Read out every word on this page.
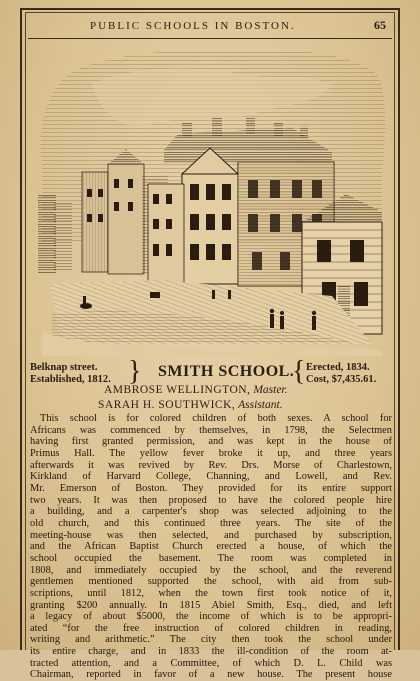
PUBLIC SCHOOLS IN BOSTON.	65
Belknap street.
Established, 1812. } SMITH SCHOOL.
{ Erected, 1834.
Cost, $7,435.61.
AMBROSE WELLINGTON, Master.
SARAH H. SOUTHWICK, Assistant.
This school is for colored children of both sexes. A school for
Africans was commenced by themselves, in 1798, the Selectmen
having first granted permission, and was kept in the house of
Primus Hall. The yellow fever broke it up, and three years
afterwards it was revived by Rev. Drs. Morse of Charlestown,
Kirkland of Harvard College, Channing, and Lowell, and Rev.
Mr. Emerson of Boston. They provided for its entire support
two years. It was then proposed to have the colored people hire
a building, and a carpenter's shop was selected adjoining to the
old church, and this continued three years. The site of the
meeting-house was then selected, and purchased by subscription,
and the African Baptist Church erected a house, of which the
school occupied the basement. The room was completed in
1808, and immediately occupied by the school, and the reverend
gentlemen mentioned supported the school, with aid from sub-
scriptions, until 1812, when the town first took notice of it,
granting $200 annually. In 1815 Abiel Smith, Esq., died, and left
a legacy of about $5000, the income of which is to be appropri-
ated “for the free instruction of colored children in reading,
writing and arithmetic.” The city then took the school under
its entire charge, and in 1833 the ill-condition of the room at-
tracted attention, and a Committee, of which D. L. Child was
Chairman, reported in favor of a new house. The present house
